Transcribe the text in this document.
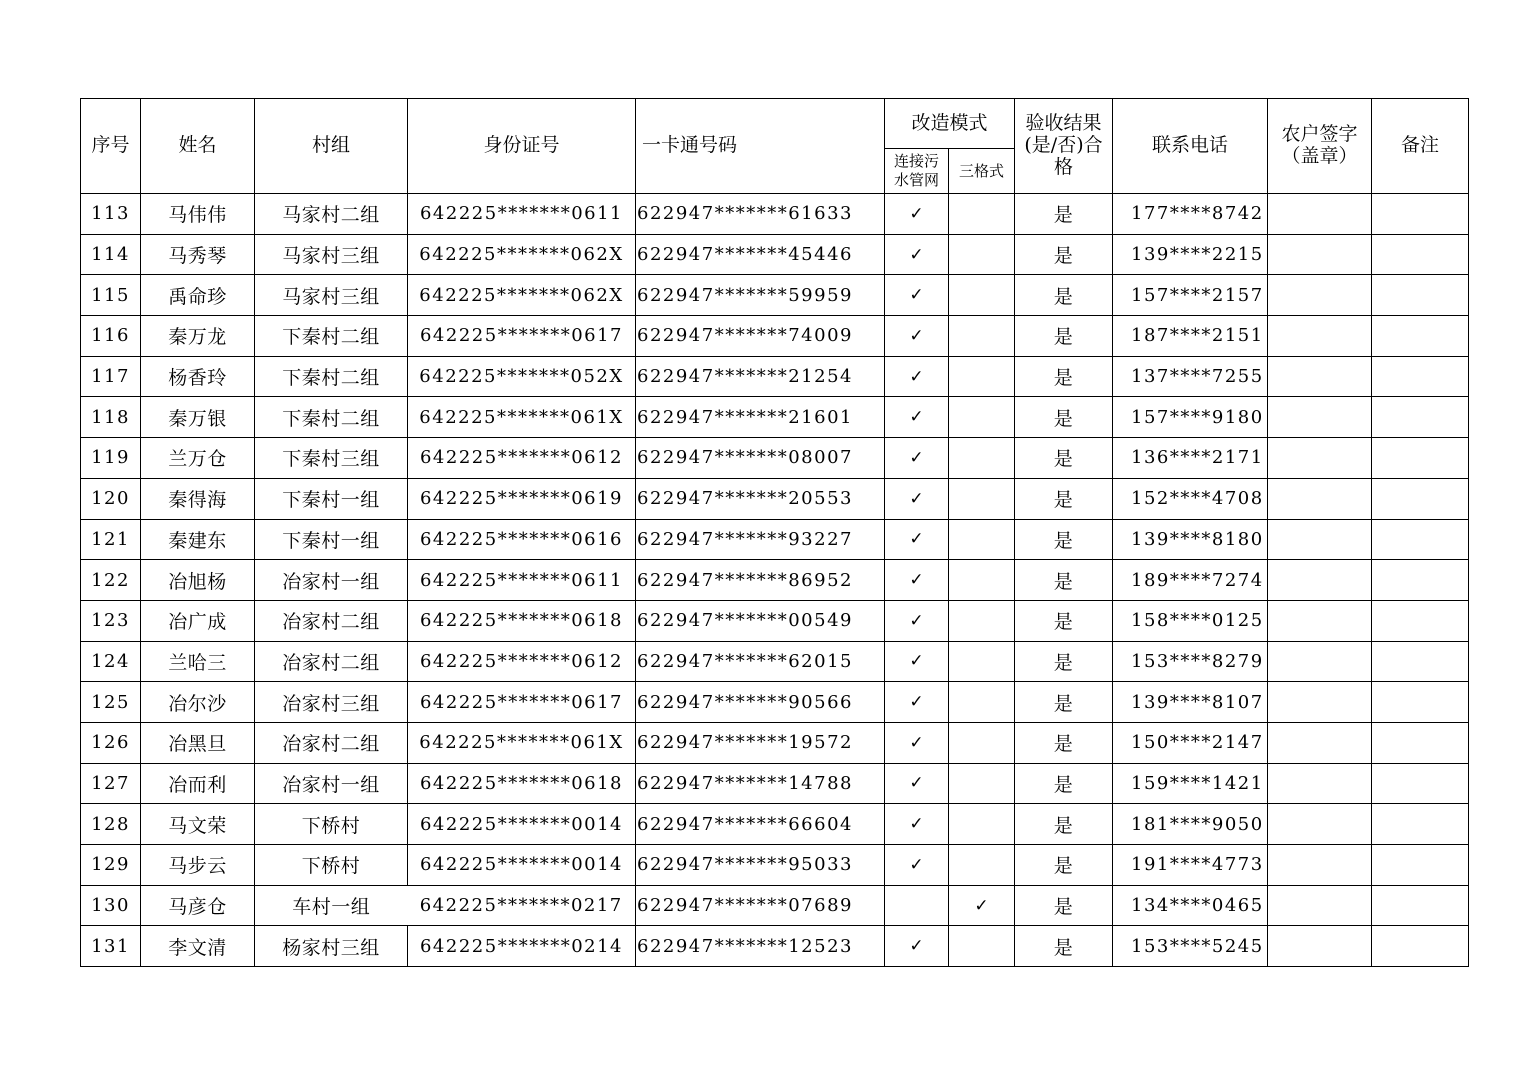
序号	姓名	村组	身份证号	一卡通号码	改造模式		验收结果(是/否)合格	联系电话	农户签字（盖章）	备注
					连接污水管网	三格式				
113	马伟伟	马家村二组	642225*******0611	622947*******61633	✓		是	177****8742		
114	马秀琴	马家村三组	642225*******062X	622947*******45446	✓		是	139****2215		
115	禹命珍	马家村三组	642225*******062X	622947*******59959	✓		是	157****2157		
116	秦万龙	下秦村二组	642225*******0617	622947*******74009	✓		是	187****2151		
117	杨香玲	下秦村二组	642225*******052X	622947*******21254	✓		是	137****7255		
118	秦万银	下秦村二组	642225*******061X	622947*******21601	✓		是	157****9180		
119	兰万仓	下秦村三组	642225*******0612	622947*******08007	✓		是	136****2171		
120	秦得海	下秦村一组	642225*******0619	622947*******20553	✓		是	152****4708		
121	秦建东	下秦村一组	642225*******0616	622947*******93227	✓		是	139****8180		
122	冶旭杨	冶家村一组	642225*******0611	622947*******86952	✓		是	189****7274		
123	冶广成	冶家村二组	642225*******0618	622947*******00549	✓		是	158****0125		
124	兰哈三	冶家村二组	642225*******0612	622947*******62015	✓		是	153****8279		
125	冶尔沙	冶家村三组	642225*******0617	622947*******90566	✓		是	139****8107		
126	冶黑旦	冶家村二组	642225*******061X	622947*******19572	✓		是	150****2147		
127	冶而利	冶家村一组	642225*******0618	622947*******14788	✓		是	159****1421		
128	马文荣	下桥村	642225*******0014	622947*******66604	✓		是	181****9050		
129	马步云	下桥村	642225*******0014	622947*******95033	✓		是	191****4773		
130	马彦仓	车村一组	642225*******0217	622947*******07689		✓	是	134****0465		
131	李文清	杨家村三组	642225*******0214	622947*******12523	✓		是	153****5245		
